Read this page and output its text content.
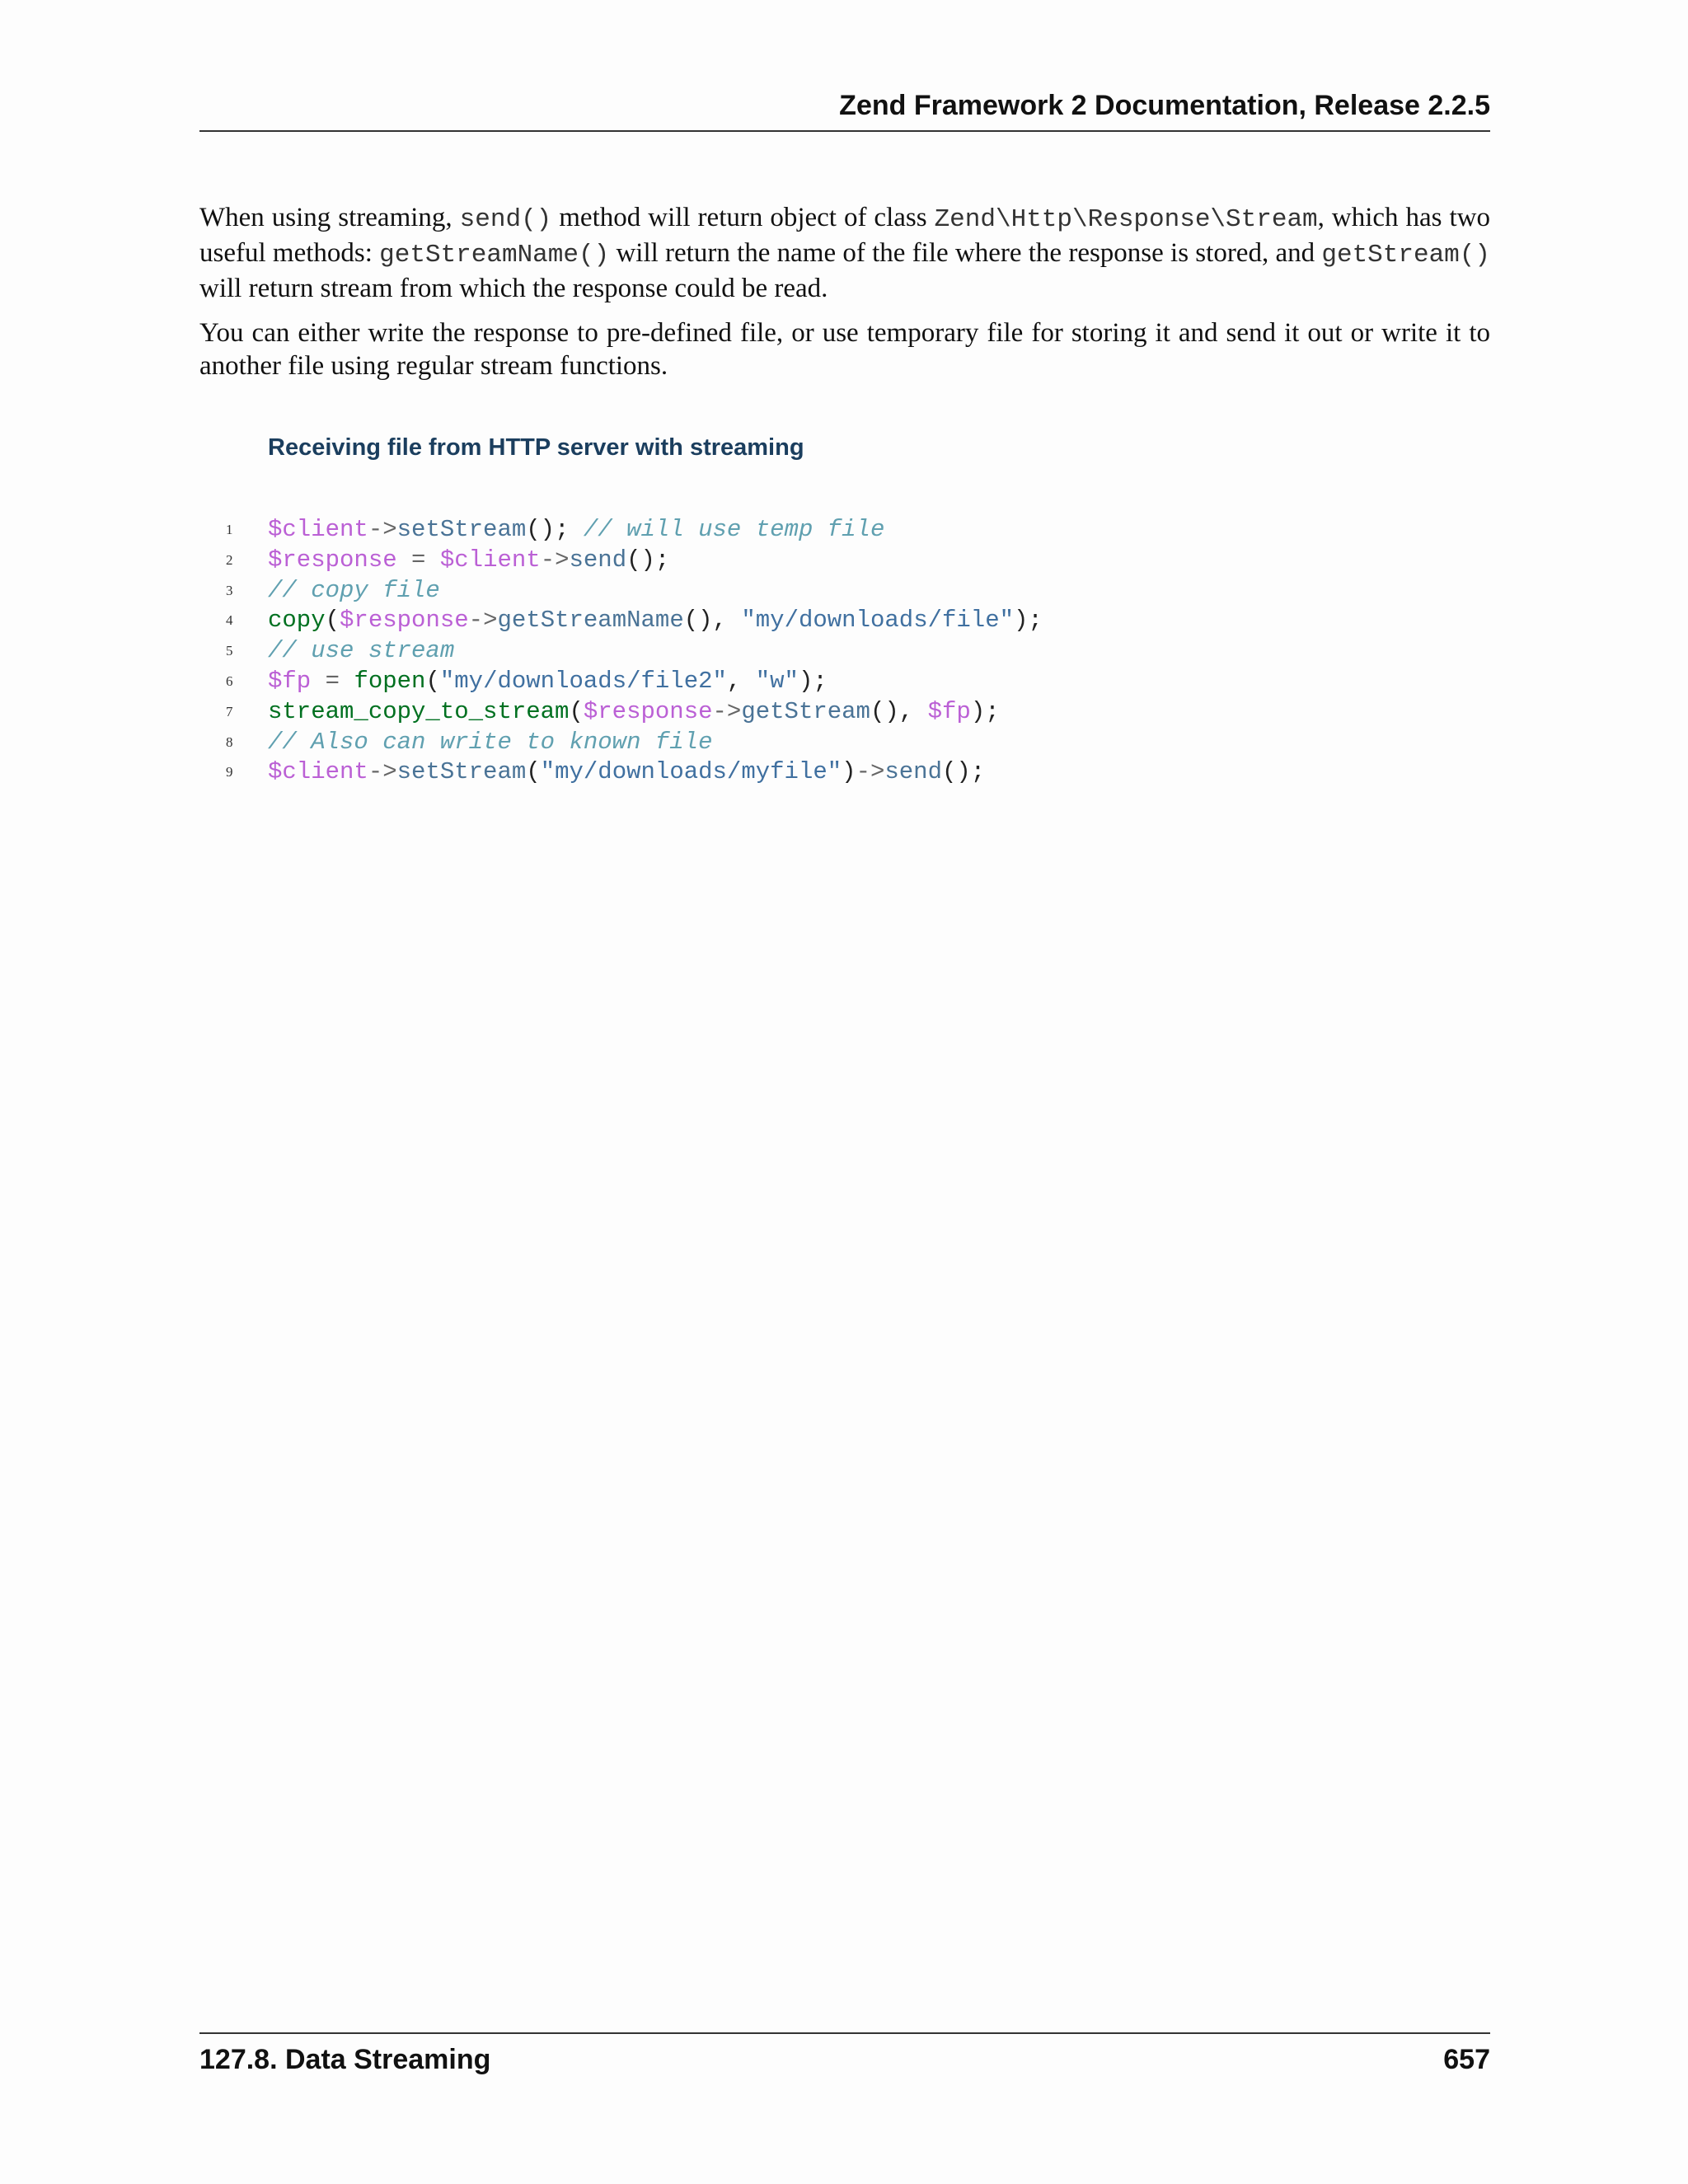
Zend Framework 2 Documentation, Release 2.2.5
When using streaming, send() method will return object of class Zend\Http\Response\Stream, which has two useful methods: getStreamName() will return the name of the file where the response is stored, and getStream() will return stream from which the response could be read.
You can either write the response to pre-defined file, or use temporary file for storing it and send it out or write it to another file using regular stream functions.
Receiving file from HTTP server with streaming
1	$client->setStream(); // will use temp file
2	$response = $client->send();
3	// copy file
4	copy($response->getStreamName(), "my/downloads/file");
5	// use stream
6	$fp = fopen("my/downloads/file2", "w");
7	stream_copy_to_stream($response->getStream(), $fp);
8	// Also can write to known file
9	$client->setStream("my/downloads/myfile")->send();
127.8. Data Streaming	657
